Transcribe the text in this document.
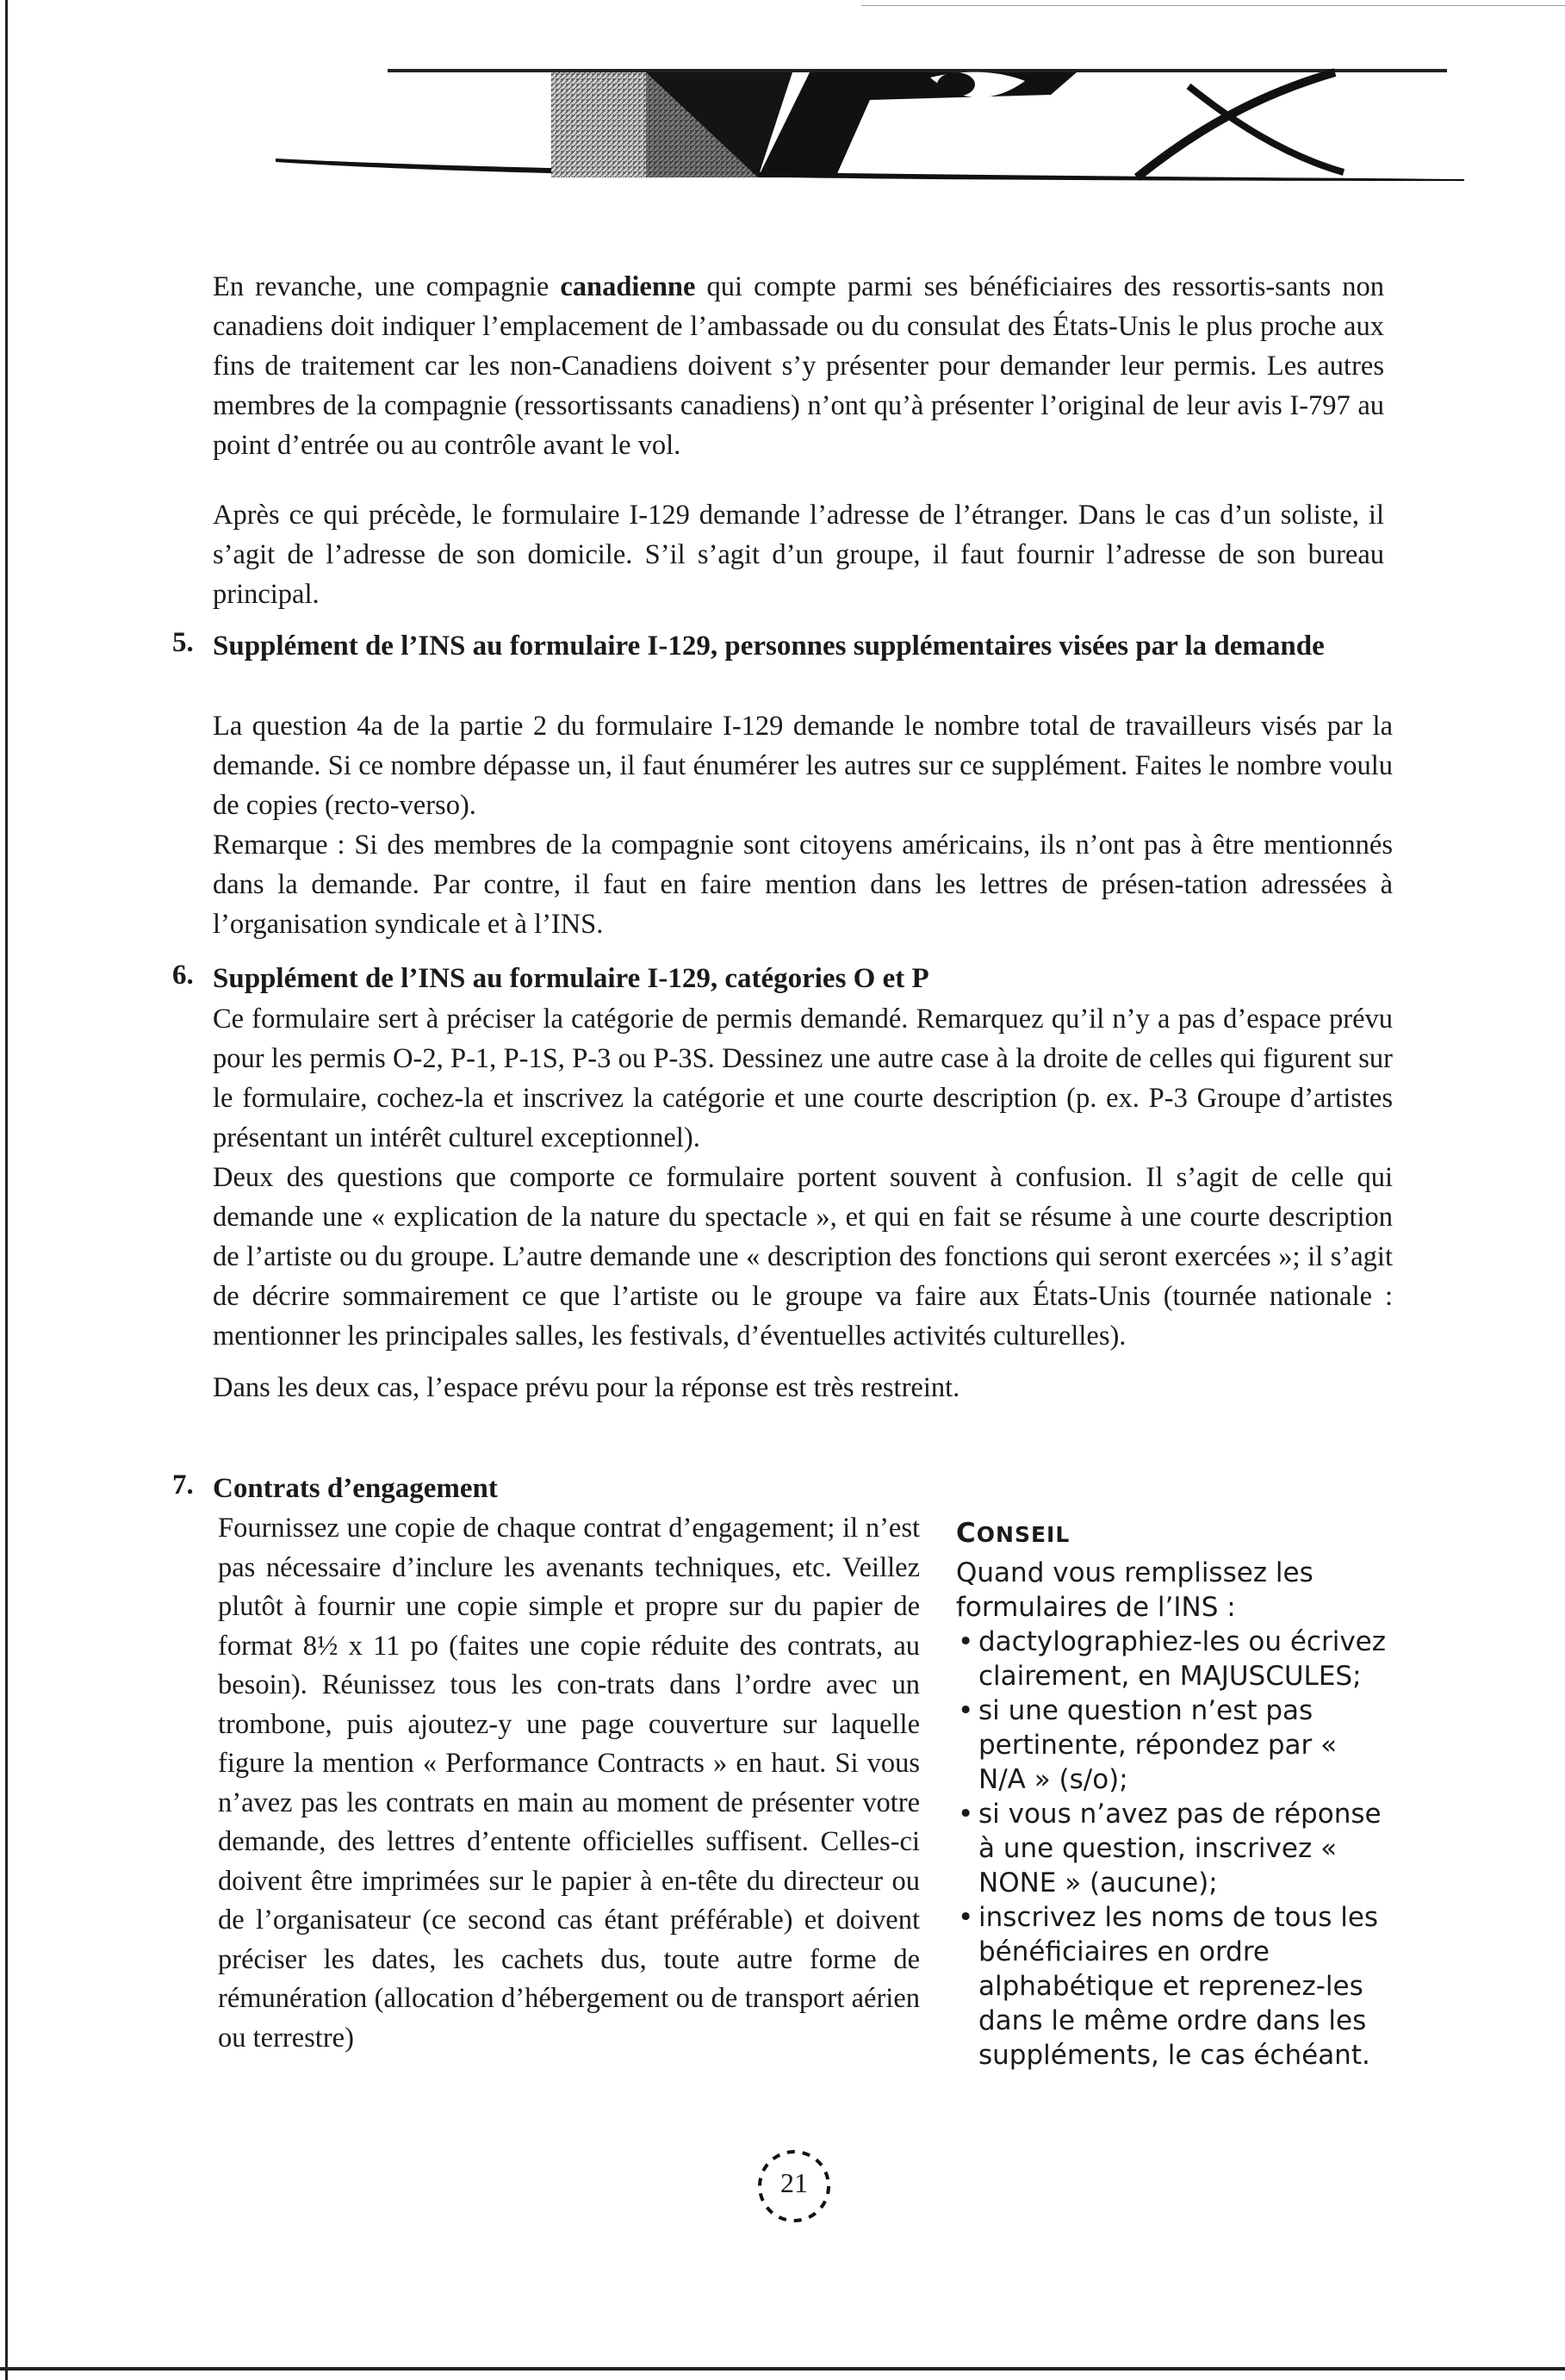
En revanche, une compagnie canadienne qui compte parmi ses bénéficiaires des ressortis-sants non canadiens doit indiquer l’emplacement de l’ambassade ou du consulat des États-Unis le plus proche aux fins de traitement car les non-Canadiens doivent s’y présenter pour demander leur permis. Les autres membres de la compagnie (ressortissants canadiens) n’ont qu’à présenter l’original de leur avis I-797 au point d’entrée ou au contrôle avant le vol.
Après ce qui précède, le formulaire I-129 demande l’adresse de l’étranger. Dans le cas d’un soliste, il s’agit de l’adresse de son domicile. S’il s’agit d’un groupe, il faut fournir l’adresse de son bureau principal.
5. Supplément de l’INS au formulaire I-129, personnes supplémentaires visées par la demande

La question 4a de la partie 2 du formulaire I-129 demande le nombre total de travailleurs visés par la demande. Si ce nombre dépasse un, il faut énumérer les autres sur ce supplément. Faites le nombre voulu de copies (recto-verso).

Remarque : Si des membres de la compagnie sont citoyens américains, ils n’ont pas à être mentionnés dans la demande. Par contre, il faut en faire mention dans les lettres de présen-tation adressées à l’organisation syndicale et à l’INS.

6. Supplément de l’INS au formulaire I-129, catégories O et P

Ce formulaire sert à préciser la catégorie de permis demandé. Remarquez qu’il n’y a pas d’espace prévu pour les permis O-2, P-1, P-1S, P-3 ou P-3S. Dessinez une autre case à la droite de celles qui figurent sur le formulaire, cochez-la et inscrivez la catégorie et une courte description (p. ex. P-3 Groupe d’artistes présentant un intérêt culturel exceptionnel).

Deux des questions que comporte ce formulaire portent souvent à confusion. Il s’agit de celle qui demande une « explication de la nature du spectacle », et qui en fait se résume à une courte description de l’artiste ou du groupe. L’autre demande une « description des fonctions qui seront exercées »; il s’agit de décrire sommairement ce que l’artiste ou le groupe va faire aux États-Unis (tournée nationale : mentionner les principales salles, les festivals, d’éventuelles activités culturelles).

Dans les deux cas, l’espace prévu pour la réponse est très restreint.

7. Contrats d’engagement
Fournissez une copie de chaque contrat d’engagement; il n’est pas nécessaire d’inclure les avenants techniques, etc. Veillez plutôt à fournir une copie simple et propre sur du papier de format 8½ x 11 po (faites une copie réduite des contrats, au besoin). Réunissez tous les con-trats dans l’ordre avec un trombone, puis ajoutez-y une page couverture sur laquelle figure la mention « Performance Contracts » en haut. Si vous n’avez pas les contrats en main au moment de présenter votre demande, des lettres d’entente officielles suffisent. Celles-ci doivent être imprimées sur le papier à en-tête du directeur ou de l’organisateur (ce second cas étant préférable) et doivent préciser les dates, les cachets dus, toute autre forme de rémunération (allocation d’hébergement ou de transport aérien ou terrestre)
CONSEIL
Quand vous remplissez les formulaires de l’INS :
• dactylographiez-les ou écrivez clairement, en MAJUSCULES;
• si une question n’est pas pertinente, répondez par « N/A » (s/o);
• si vous n’avez pas de réponse à une question, inscrivez « NONE » (aucune);
• inscrivez les noms de tous les bénéficiaires en ordre alphabétique et reprenez-les dans le même ordre dans les suppléments, le cas échéant.
21
